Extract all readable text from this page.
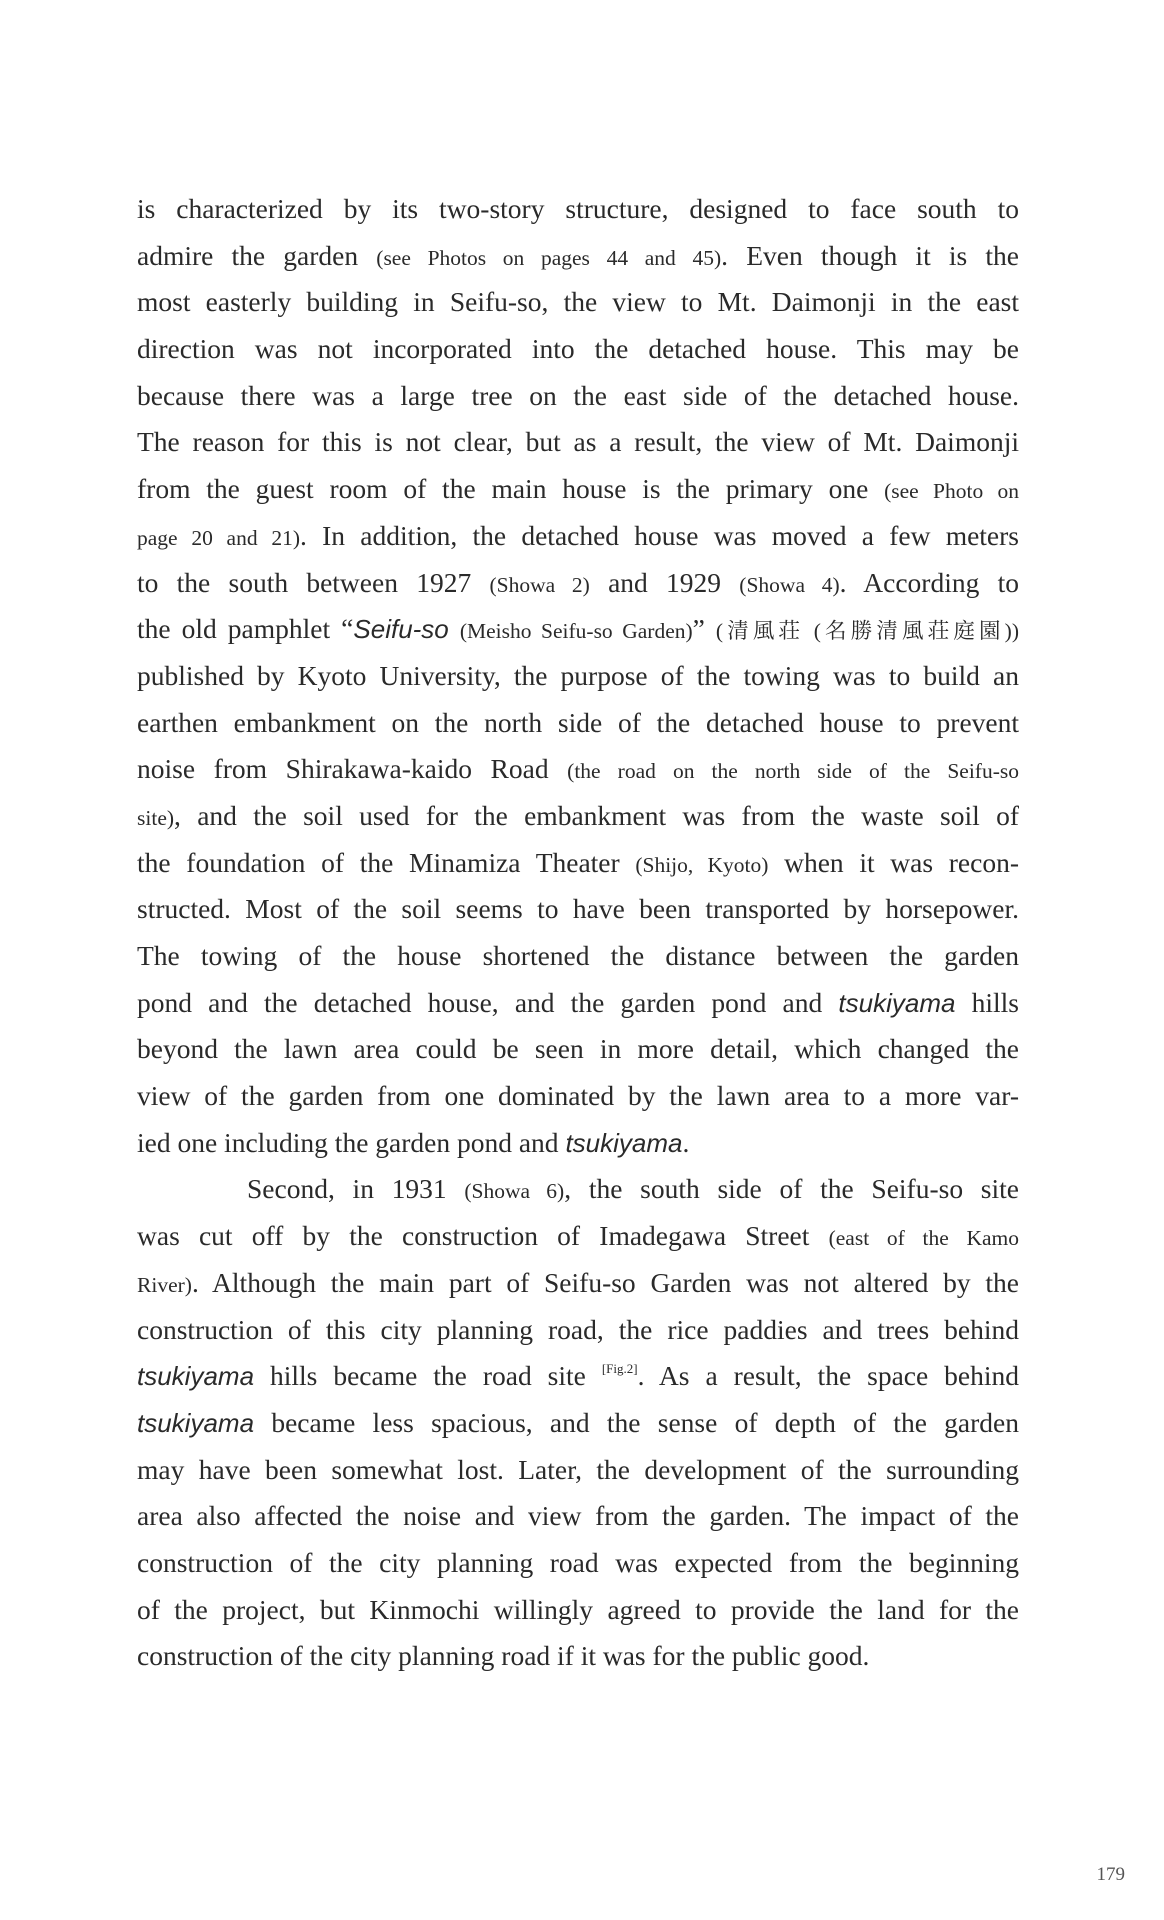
is characterized by its two-story structure, designed to face south to
admire the garden (see Photos on pages 44 and 45). Even though it is the
most easterly building in Seifu-so, the view to Mt. Daimonji in the east
direction was not incorporated into the detached house. This may be
because there was a large tree on the east side of the detached house.
The reason for this is not clear, but as a result, the view of Mt. Daimonji
from the guest room of the main house is the primary one (see Photo on
page 20 and 21). In addition, the detached house was moved a few meters
to the south between 1927 (Showa 2) and 1929 (Showa 4). According to
the old pamphlet “Seifu-so (Meisho Seifu-so Garden)” (清風荘 (名勝清風荘庭園))
published by Kyoto University, the purpose of the towing was to build an
earthen embankment on the north side of the detached house to prevent
noise from Shirakawa-kaido Road (the road on the north side of the Seifu-so
site), and the soil used for the embankment was from the waste soil of
the foundation of the Minamiza Theater (Shijo, Kyoto) when it was recon-
structed. Most of the soil seems to have been transported by horsepower.
The towing of the house shortened the distance between the garden
pond and the detached house, and the garden pond and tsukiyama hills
beyond the lawn area could be seen in more detail, which changed the
view of the garden from one dominated by the lawn area to a more var-
ied one including the garden pond and tsukiyama.
Second, in 1931 (Showa 6), the south side of the Seifu-so site
was cut off by the construction of Imadegawa Street (east of the Kamo
River). Although the main part of Seifu-so Garden was not altered by the
construction of this city planning road, the rice paddies and trees behind
tsukiyama hills became the road site [Fig.2]. As a result, the space behind
tsukiyama became less spacious, and the sense of depth of the garden
may have been somewhat lost. Later, the development of the surrounding
area also affected the noise and view from the garden. The impact of the
construction of the city planning road was expected from the beginning
of the project, but Kinmochi willingly agreed to provide the land for the
construction of the city planning road if it was for the public good.
179
